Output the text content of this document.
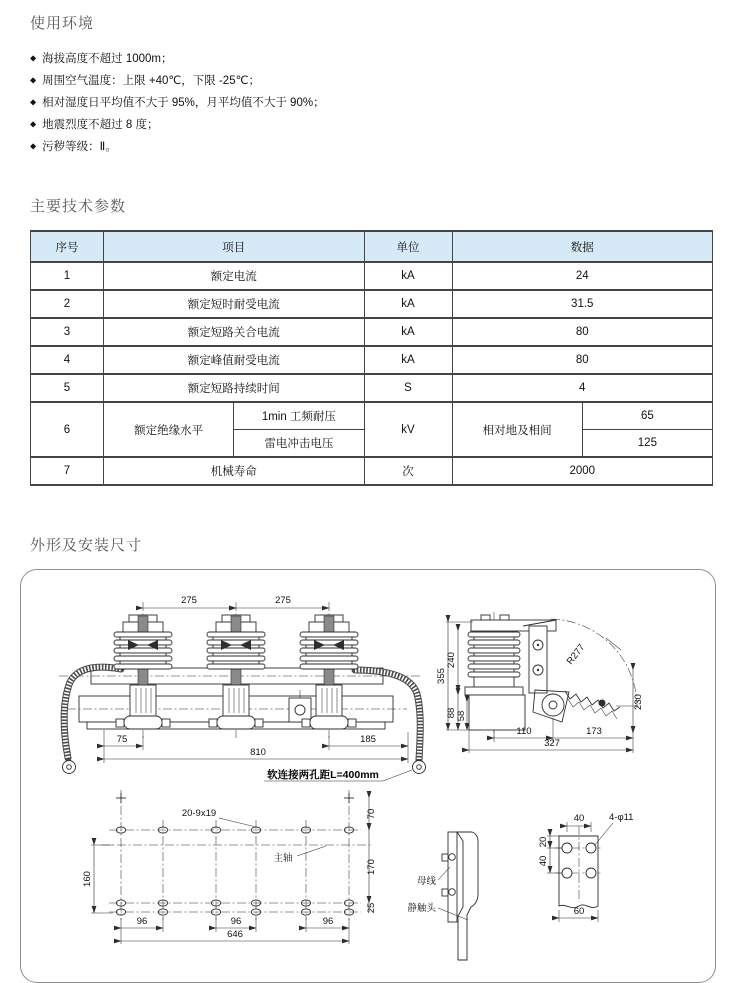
使用环境
◆ 海拔高度不超过 1000m；
◆ 周围空气温度：上限 +40℃，下限 -25℃；
◆ 相对湿度日平均值不大于 95%，月平均值不大于 90%；
◆ 地震烈度不超过 8 度；
◆ 污秽等级：Ⅱ。
主要技术参数
序号	项目		单位	数据	
1	额定电流		kA	24	
2	额定短时耐受电流		kA	31.5	
3	额定短路关合电流		kA	80	
4	额定峰值耐受电流		kA	80	
5	额定短路持续时间		S	4	
6	额定绝缘水平	1min 工频耐压	kV	相对地及相间	65
		雷电冲击电压			125
7	机械寿命		次	2000	
外形及安装尺寸
275	275
75	185
810
软连接两孔距L=400mm
R277
355
240
88 58
230
110	173
327
20-9x19
主轴
70
170
25
160
96	96	96
646
母线
静触头
40
20
40
4-φ11
60
